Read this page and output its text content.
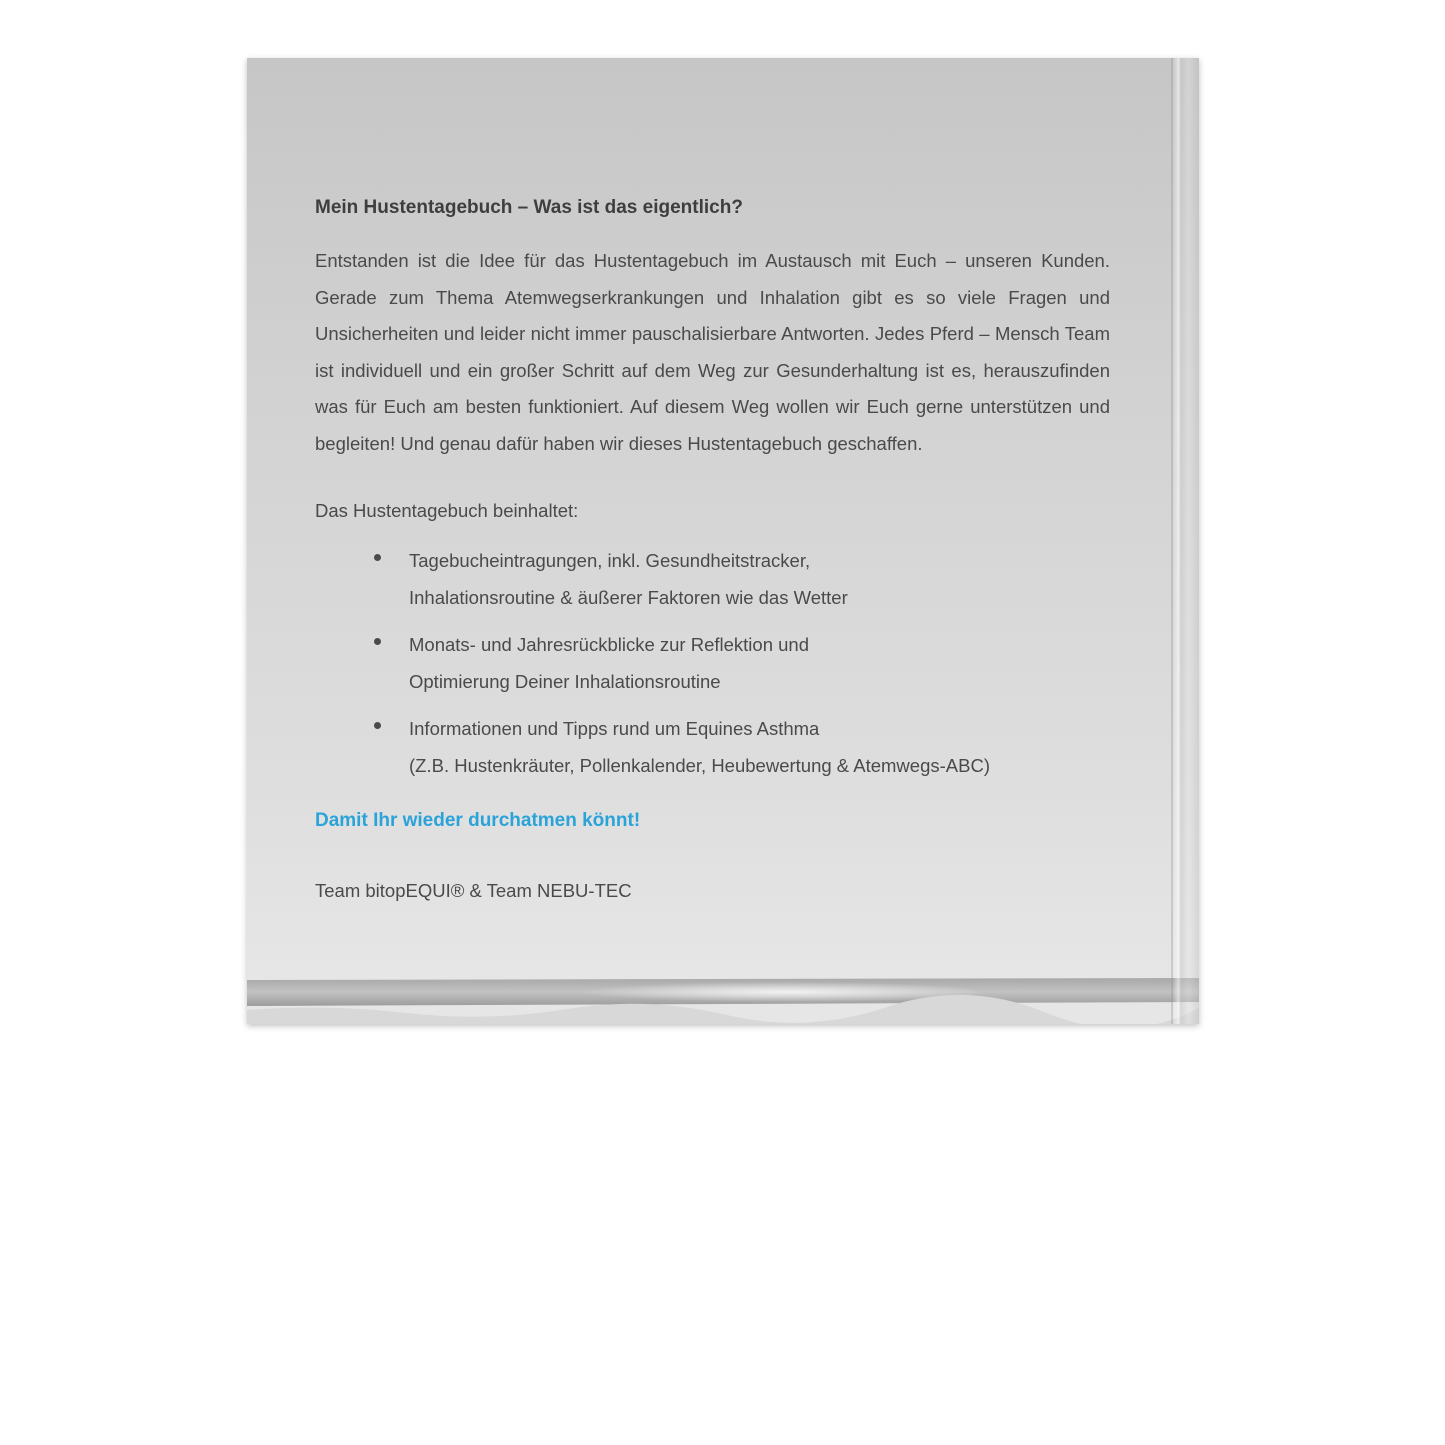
Mein Hustentagebuch – Was ist das eigentlich?

Entstanden ist die Idee für das Hustentagebuch im Austausch mit Euch – unseren Kunden. Gerade zum Thema Atemwegserkrankungen und Inhalation gibt es so viele Fragen und Unsicherheiten und leider nicht immer pauschalisierbare Antworten. Jedes Pferd – Mensch Team ist individuell und ein großer Schritt auf dem Weg zur Gesunderhaltung ist es, herauszufinden was für Euch am besten funktioniert. Auf diesem Weg wollen wir Euch gerne unterstützen und begleiten! Und genau dafür haben wir dieses Hustentagebuch geschaffen.

Das Hustentagebuch beinhaltet:

Tagebucheintragungen, inkl. Gesundheitstracker,
Inhalationsroutine & äußerer Faktoren wie das Wetter
Monats- und Jahresrückblicke zur Reflektion und
Optimierung Deiner Inhalationsroutine
Informationen und Tipps rund um Equines Asthma
(Z.B. Hustenkräuter, Pollenkalender, Heubewertung & Atemwegs-ABC)

Damit Ihr wieder durchatmen könnt!

Team bitopEQUI® & Team NEBU-TEC
